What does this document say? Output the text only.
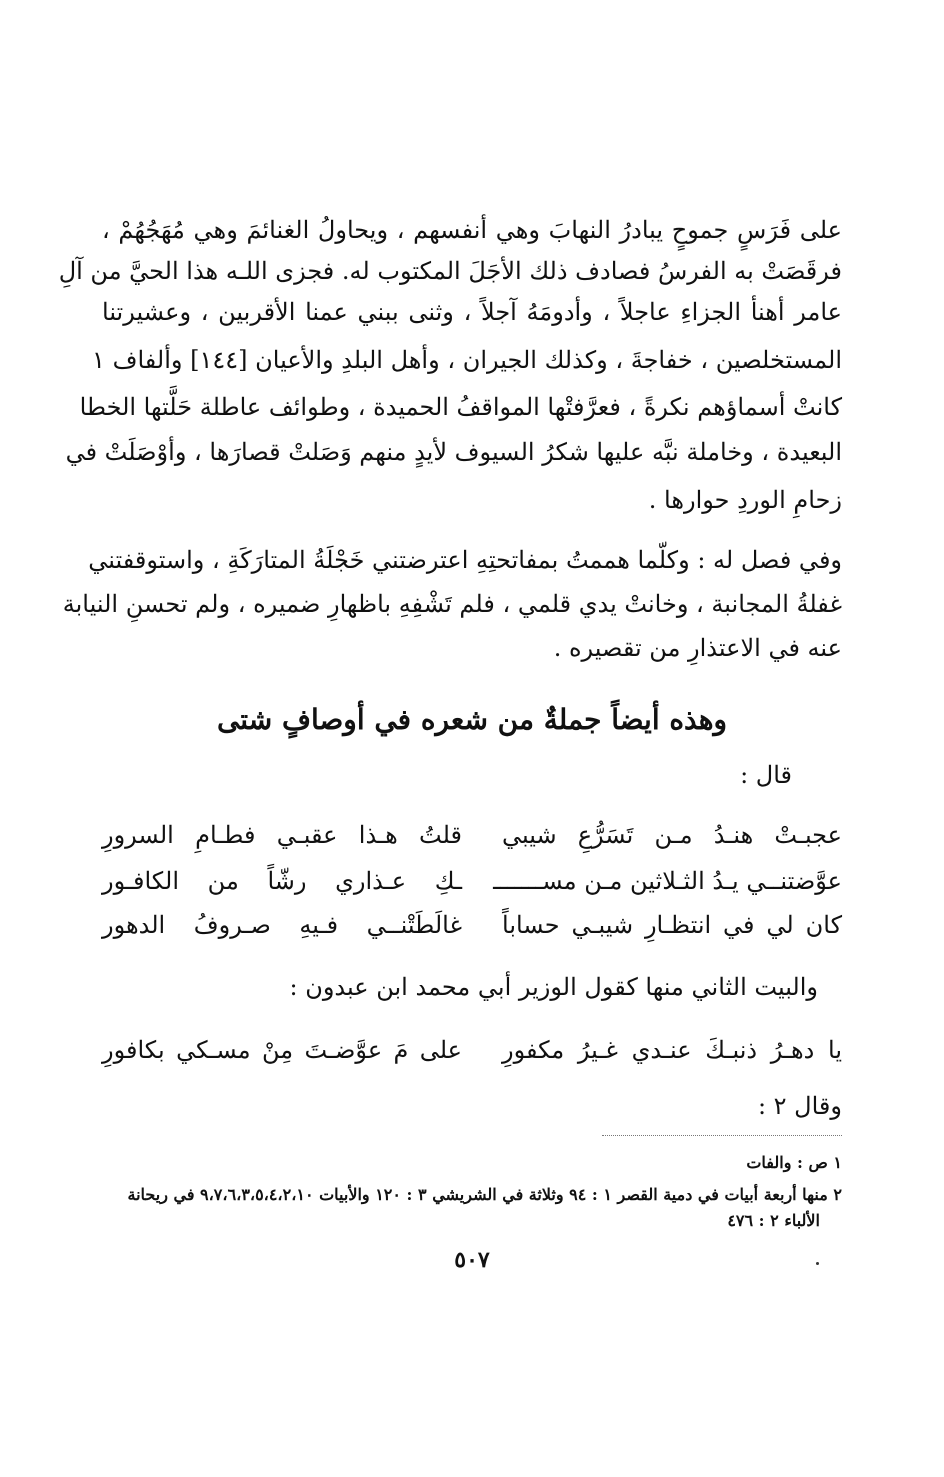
على فَرَسٍ جموحٍ يبادرُ النهابَ وهي أنفسهم ، ويحاولُ الغنائمَ وهي مُهَجُهُمْ ،
فرقَصَتْ به الفرسُ فصادف ذلك الأجَلَ المكتوب له. فجزى اللـه هذا الحيَّ من آلِ
عامر أهنأ الجزاءِ عاجلاً ، وأدومَهُ آجلاً ، وثنى ببني عمنا الأقربين ، وعشيرتنا
المستخلصين ، خفاجةَ ، وكذلك الجيران ، وأهل البلدِ والأعيان [١٤٤] وألفاف ١
كانتْ أسماؤهم نكرةً ، فعرَّفتْها المواقفُ الحميدة ، وطوائف عاطلة حَلَّتها الخطا
البعيدة ، وخاملة نبَّه عليها شكرُ السيوف لأيدٍ منهم وَصَلتْ قصارَها ، وأوْصَلَتْ في
زحامِ الوردِ حوارها .
وفي فصل له : وكلّما هممتُ بمفاتحتِهِ اعترضتني خَجْلَةُ المتارَكَةِ ، واستوقفتني
غفلةُ المجانبة ، وخانتْ يدي قلمي ، فلم تَشْفِهِ باظهارِ ضميره ، ولم تحسنِ النيابة
عنه في الاعتذارِ من تقصيره .
وهذه أيضاً جملةٌ من شعره في أوصافٍ شتى
قال :
عجبـتْ هنـدُ مـن تَسَرُّعِ شيبي
قلتُ هـذا عقبـي فطـامِ السرورِ
عوَّضتنــي يـدُ الثـلاثين مـن مســـــــ
ـكِ عـذاري رشّاً من الكافـور
كان لي في انتظـارِ شيبـي حساباً
غالَطَتْنــي فـيهِ صـروفُ الدهور
والبيت الثاني منها كقول الوزير أبي محمد ابن عبدون :
يا دهـرُ ذنبـكَ عنـدي غـيرُ مكفورِ
على مَ عوَّضـتَ مِنْ مسـكي بكافورِ
وقال ٢ :
١ ص : والفات
٢ منها أربعة أبيات في دمية القصر ١ : ٩٤ وثلاثة في الشريشي ٣ : ١٢٠ والأبيات ٩،٧،٦،٣،٥،٤،٢،١٠ في ريحانة
الألباء ٢ : ٤٧٦
٥٠٧
